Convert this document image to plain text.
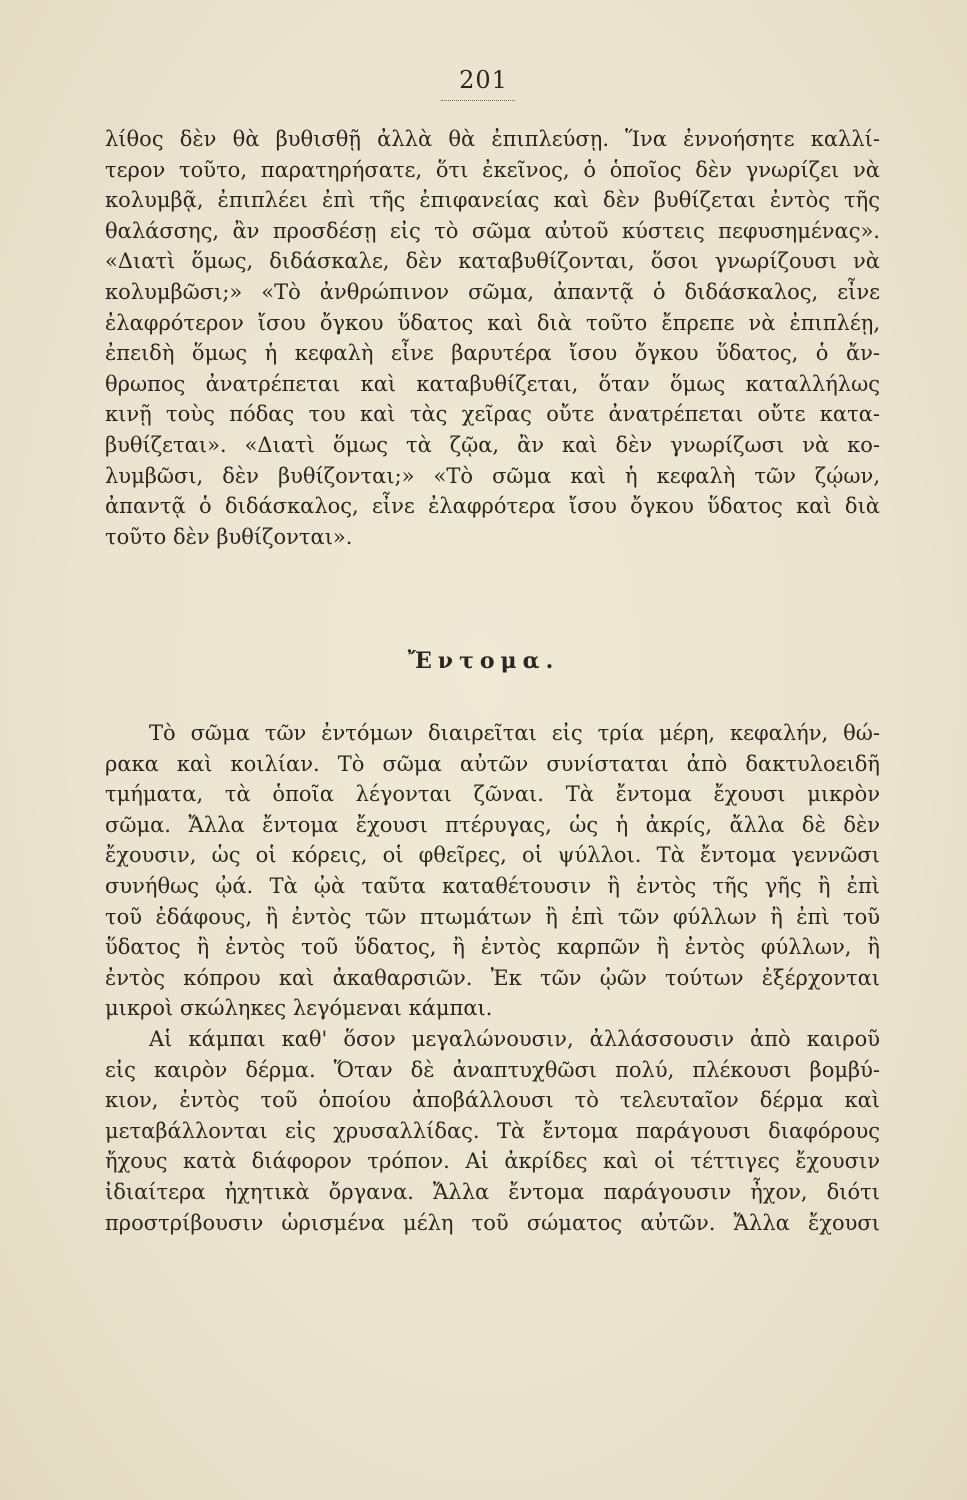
201
λίθος δὲν θὰ βυθισθῇ ἀλλὰ θὰ ἐπιπλεύσῃ. Ἵνα ἐννοήσητε καλλί-
τερον τοῦτο, παρατηρήσατε, ὅτι ἐκεῖνος, ὁ ὁποῖος δὲν γνωρίζει νὰ
κολυμβᾷ, ἐπιπλέει ἐπὶ τῆς ἐπιφανείας καὶ δὲν βυθίζεται ἐντὸς τῆς
θαλάσσης, ἂν προσδέσῃ εἰς τὸ σῶμα αὐτοῦ κύστεις πεφυσημένας».
«Διατὶ ὅμως, διδάσκαλε, δὲν καταβυθίζονται, ὅσοι γνωρίζουσι νὰ
κολυμβῶσι;» «Τὸ ἀνθρώπινον σῶμα, ἀπαντᾷ ὁ διδάσκαλος, εἶνε
ἐλαφρότερον ἴσου ὄγκου ὕδατος καὶ διὰ τοῦτο ἔπρεπε νὰ ἐπιπλέῃ,
ἐπειδὴ ὅμως ἡ κεφαλὴ εἶνε βαρυτέρα ἴσου ὄγκου ὕδατος, ὁ ἄν-
θρωπος ἀνατρέπεται καὶ καταβυθίζεται, ὅταν ὅμως καταλλήλως
κινῇ τοὺς πόδας του καὶ τὰς χεῖρας οὔτε ἀνατρέπεται οὔτε κατα-
βυθίζεται». «Διατὶ ὅμως τὰ ζῷα, ἂν καὶ δὲν γνωρίζωσι νὰ κο-
λυμβῶσι, δὲν βυθίζονται;» «Τὸ σῶμα καὶ ἡ κεφαλὴ τῶν ζῴων,
ἀπαντᾷ ὁ διδάσκαλος, εἶνε ἐλαφρότερα ἴσου ὄγκου ὕδατος καὶ διὰ
τοῦτο δὲν βυθίζονται».
Ἔντομα.
Τὸ σῶμα τῶν ἐντόμων διαιρεῖται εἰς τρία μέρη, κεφαλήν, θώ-
ρακα καὶ κοιλίαν. Τὸ σῶμα αὐτῶν συνίσταται ἀπὸ δακτυλοειδῆ
τμήματα, τὰ ὁποῖα λέγονται ζῶναι. Τὰ ἔντομα ἔχουσι μικρὸν
σῶμα. Ἄλλα ἔντομα ἔχουσι πτέρυγας, ὡς ἡ ἀκρίς, ἄλλα δὲ δὲν
ἔχουσιν, ὡς οἱ κόρεις, οἱ φθεῖρες, οἱ ψύλλοι. Τὰ ἔντομα γεννῶσι
συνήθως ᾠά. Τὰ ᾠὰ ταῦτα καταθέτουσιν ἢ ἐντὸς τῆς γῆς ἢ ἐπὶ
τοῦ ἐδάφους, ἢ ἐντὸς τῶν πτωμάτων ἢ ἐπὶ τῶν φύλλων ἢ ἐπὶ τοῦ
ὕδατος ἢ ἐντὸς τοῦ ὕδατος, ἢ ἐντὸς καρπῶν ἢ ἐντὸς φύλλων, ἢ
ἐντὸς κόπρου καὶ ἀκαθαρσιῶν. Ἐκ τῶν ᾠῶν τούτων ἐξέρχονται
μικροὶ σκώληκες λεγόμεναι κάμπαι.
Αἱ κάμπαι καθ' ὅσον μεγαλώνουσιν, ἀλλάσσουσιν ἀπὸ καιροῦ
εἰς καιρὸν δέρμα. Ὅταν δὲ ἀναπτυχθῶσι πολύ, πλέκουσι βομβύ-
κιον, ἐντὸς τοῦ ὁποίου ἀποβάλλουσι τὸ τελευταῖον δέρμα καὶ
μεταβάλλονται εἰς χρυσαλλίδας. Τὰ ἔντομα παράγουσι διαφόρους
ἤχους κατὰ διάφορον τρόπον. Αἱ ἀκρίδες καὶ οἱ τέττιγες ἔχουσιν
ἰδιαίτερα ἠχητικὰ ὄργανα. Ἄλλα ἔντομα παράγουσιν ἦχον, διότι
προστρίβουσιν ὡρισμένα μέλη τοῦ σώματος αὐτῶν. Ἄλλα ἔχουσι
